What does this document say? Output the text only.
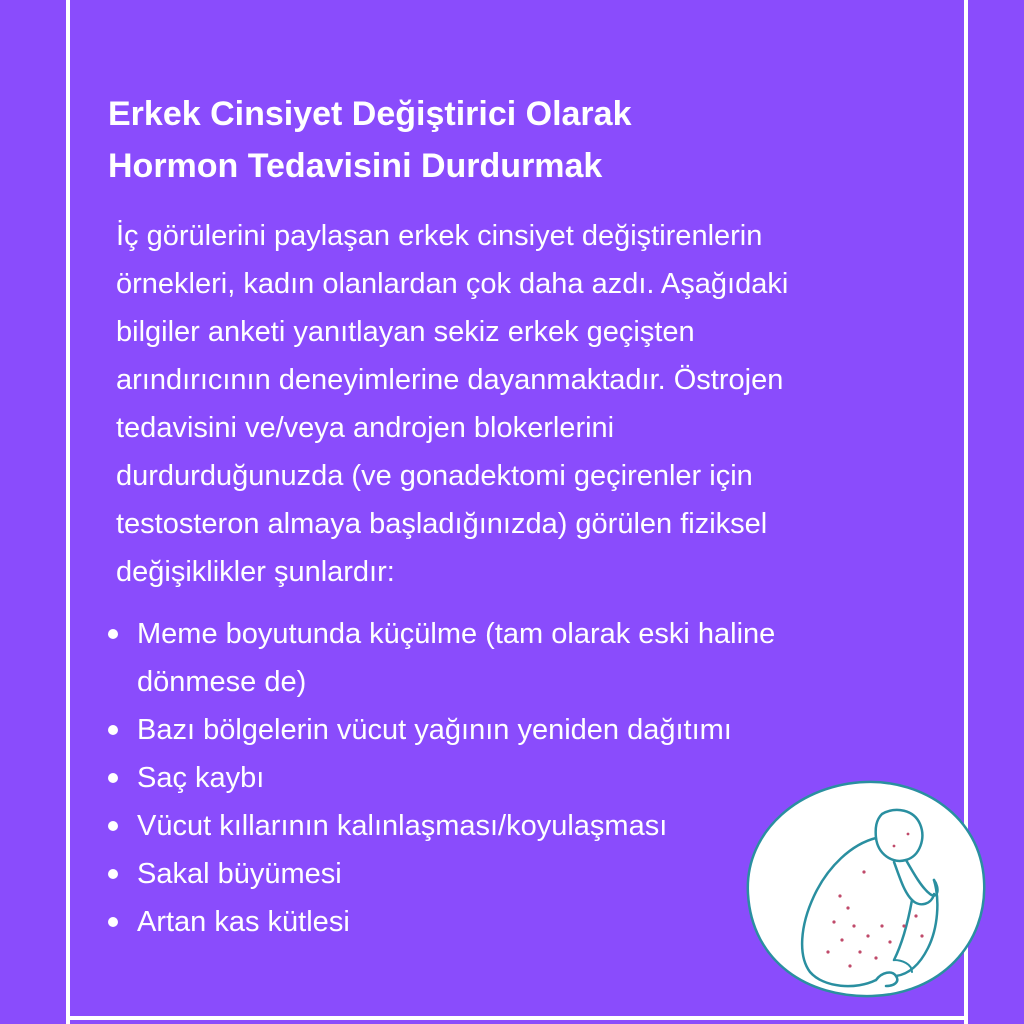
Erkek Cinsiyet Değiştirici Olarak
Hormon Tedavisini Durdurmak

İç görülerini paylaşan erkek cinsiyet değiştirenlerin
örnekleri, kadın olanlardan çok daha azdı. Aşağıdaki
bilgiler anketi yanıtlayan sekiz erkek geçişten
arındırıcının deneyimlerine dayanmaktadır. Östrojen
tedavisini ve/veya androjen blokerlerini
durdurduğunuzda (ve gonadektomi geçirenler için
testosteron almaya başladığınızda) görülen fiziksel
değişiklikler şunlardır:

Meme boyutunda küçülme (tam olarak eski haline
dönmese de)
Bazı bölgelerin vücut yağının yeniden dağıtımı
Saç kaybı
Vücut kıllarının kalınlaşması/koyulaşması
Sakal büyümesi
Artan kas kütlesi
